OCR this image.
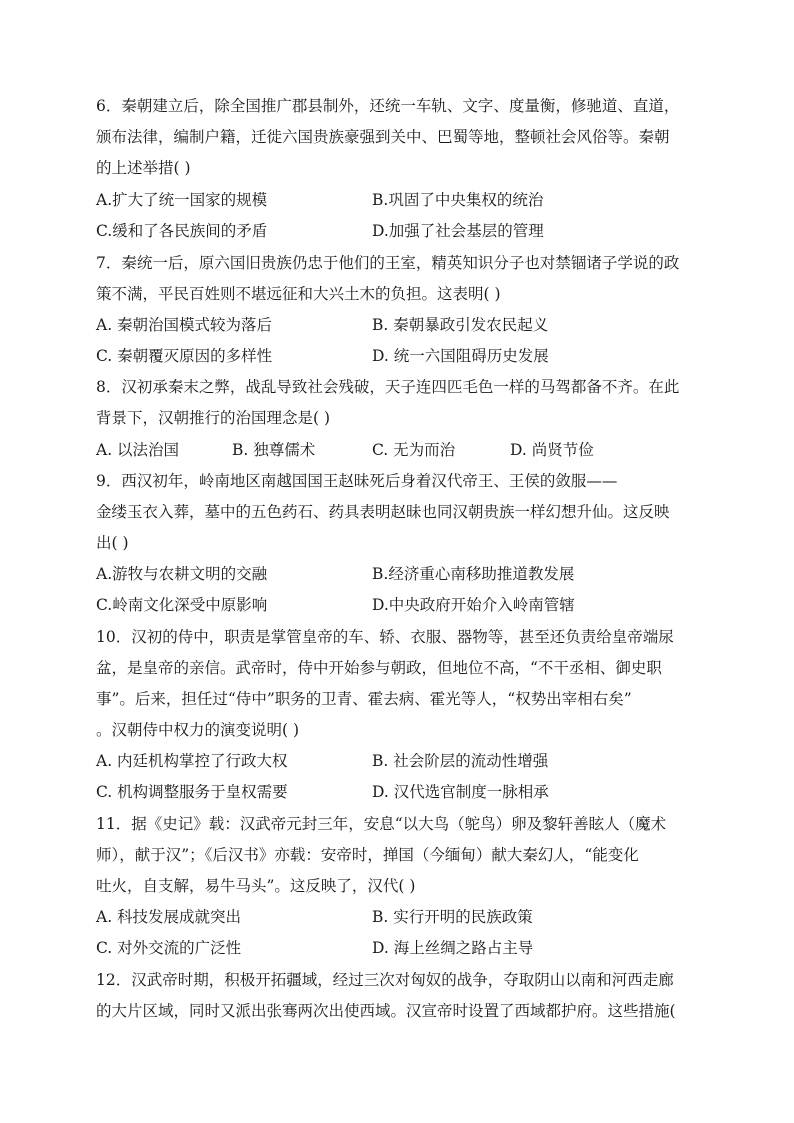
6．秦朝建立后，除全国推广郡县制外，还统一车轨、文字、度量衡，修驰道、直道，
颁布法律，编制户籍，迁徙六国贵族豪强到关中、巴蜀等地，整顿社会风俗等。秦朝
的上述举措( )
A.扩大了统一国家的规模	B.巩固了中央集权的统治
C.缓和了各民族间的矛盾	D.加强了社会基层的管理
7．秦统一后，原六国旧贵族仍忠于他们的王室，精英知识分子也对禁锢诸子学说的政
策不满，平民百姓则不堪远征和大兴土木的负担。这表明( )
A. 秦朝治国模式较为落后	B. 秦朝暴政引发农民起义
C. 秦朝覆灭原因的多样性	D. 统一六国阻碍历史发展
8．汉初承秦末之弊，战乱导致社会残破，天子连四匹毛色一样的马驾都备不齐。在此
背景下，汉朝推行的治国理念是( )
A. 以法治国	B. 独尊儒术	C. 无为而治	D. 尚贤节俭
9．西汉初年，岭南地区南越国国王赵昧死后身着汉代帝王、王侯的敛服——
金缕玉衣入葬，墓中的五色药石、药具表明赵昧也同汉朝贵族一样幻想升仙。这反映
出( )
A.游牧与农耕文明的交融	B.经济重心南移助推道教发展
C.岭南文化深受中原影响	D.中央政府开始介入岭南管辖
10．汉初的侍中，职责是掌管皇帝的车、轿、衣服、器物等，甚至还负责给皇帝端尿
盆，是皇帝的亲信。武帝时，侍中开始参与朝政，但地位不高，“不干丞相、御史职
事”。后来，担任过“侍中”职务的卫青、霍去病、霍光等人，“权势出宰相右矣”
。汉朝侍中权力的演变说明( )
A. 内廷机构掌控了行政大权	B. 社会阶层的流动性增强
C. 机构调整服务于皇权需要	D. 汉代选官制度一脉相承
11．据《史记》载：汉武帝元封三年，安息“以大鸟（鸵鸟）卵及黎轩善眩人（魔术
师），献于汉”；《后汉书》亦载：安帝时，掸国（今缅甸）献大秦幻人，“能变化
吐火，自支解，易牛马头”。这反映了，汉代( )
A. 科技发展成就突出	B. 实行开明的民族政策
C. 对外交流的广泛性	D. 海上丝绸之路占主导
12．汉武帝时期，积极开拓疆域，经过三次对匈奴的战争，夺取阴山以南和河西走廊
的大片区域，同时又派出张骞两次出使西域。汉宣帝时设置了西域都护府。这些措施(
